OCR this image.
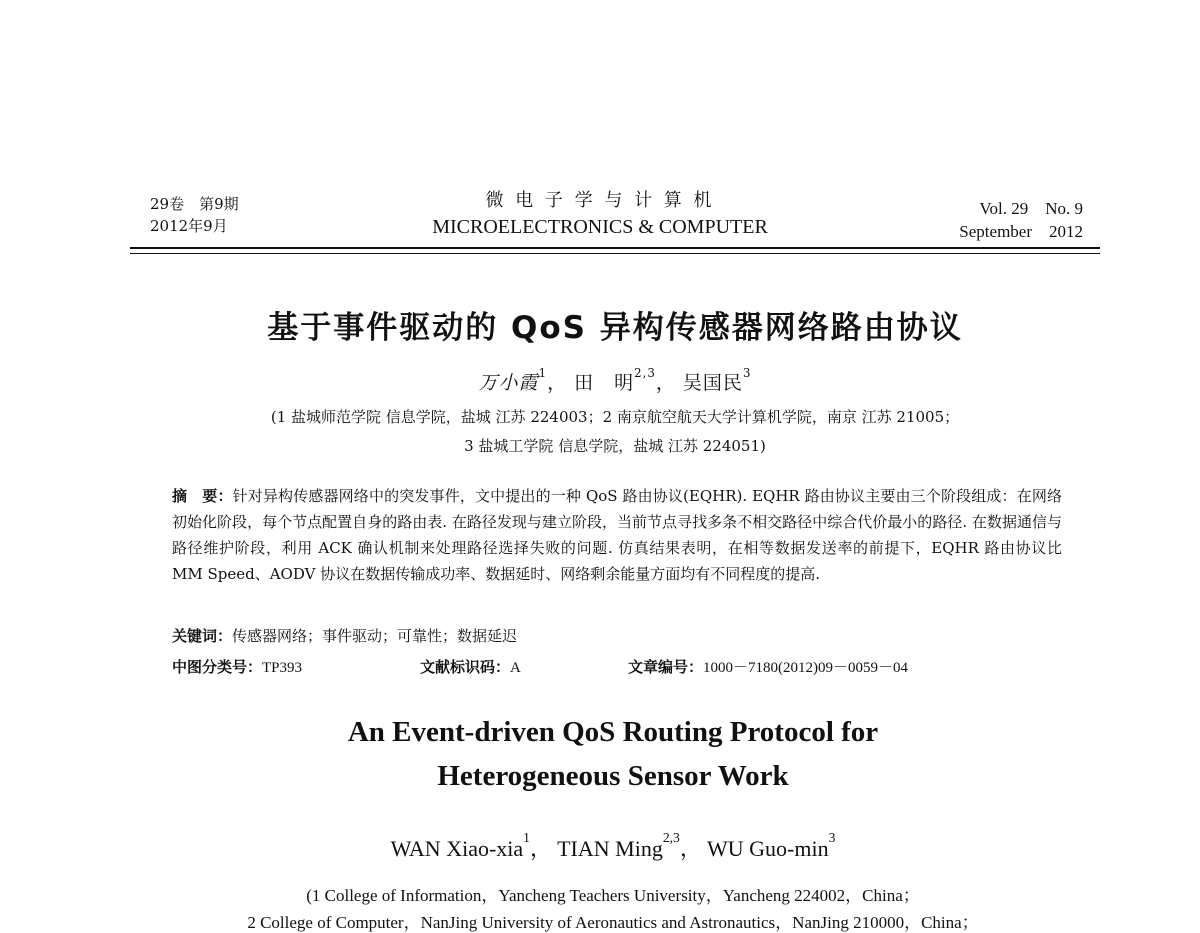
29卷　第9期
2012年9月
微 电 子 学 与 计 算 机
MICROELECTRONICS & COMPUTER
Vol. 29　No. 9
September　2012
基于事件驱动的 QoS 异构传感器网络路由协议
万小霞$^1$， 田　明$^{2,3}$， 吴国民$^3$
(1 盐城师范学院 信息学院，盐城 江苏 224003；2 南京航空航天大学计算机学院，南京 江苏 21005；
3 盐城工学院 信息学院，盐城 江苏 224051)
摘　要：针对异构传感器网络中的突发事件，文中提出的一种 QoS 路由协议(EQHR). EQHR 路由协议主要由三个阶段组成：在网络初始化阶段，每个节点配置自身的路由表. 在路径发现与建立阶段，当前节点寻找多条不相交路径中综合代价最小的路径. 在数据通信与路径维护阶段，利用 ACK 确认机制来处理路径选择失败的问题. 仿真结果表明，在相等数据发送率的前提下，EQHR 路由协议比 MM Speed、AODV 协议在数据传输成功率、数据延时、网络剩余能量方面均有不同程度的提高.
关键词：传感器网络；事件驱动；可靠性；数据延迟
中图分类号：TP393	文献标识码：A	文章编号：1000－7180(2012)09－0059－04
An Event-driven QoS Routing Protocol for
Heterogeneous Sensor Work
WAN Xiao-xia$^1$， TIAN Ming$^{2,3}$， WU Guo-$\min^3$
(1 College of Information，Yancheng Teachers University，Yancheng 224002，China；
2 College of Computer，NanJing University of Aeronautics and Astronautics，NanJing 210000，China；
